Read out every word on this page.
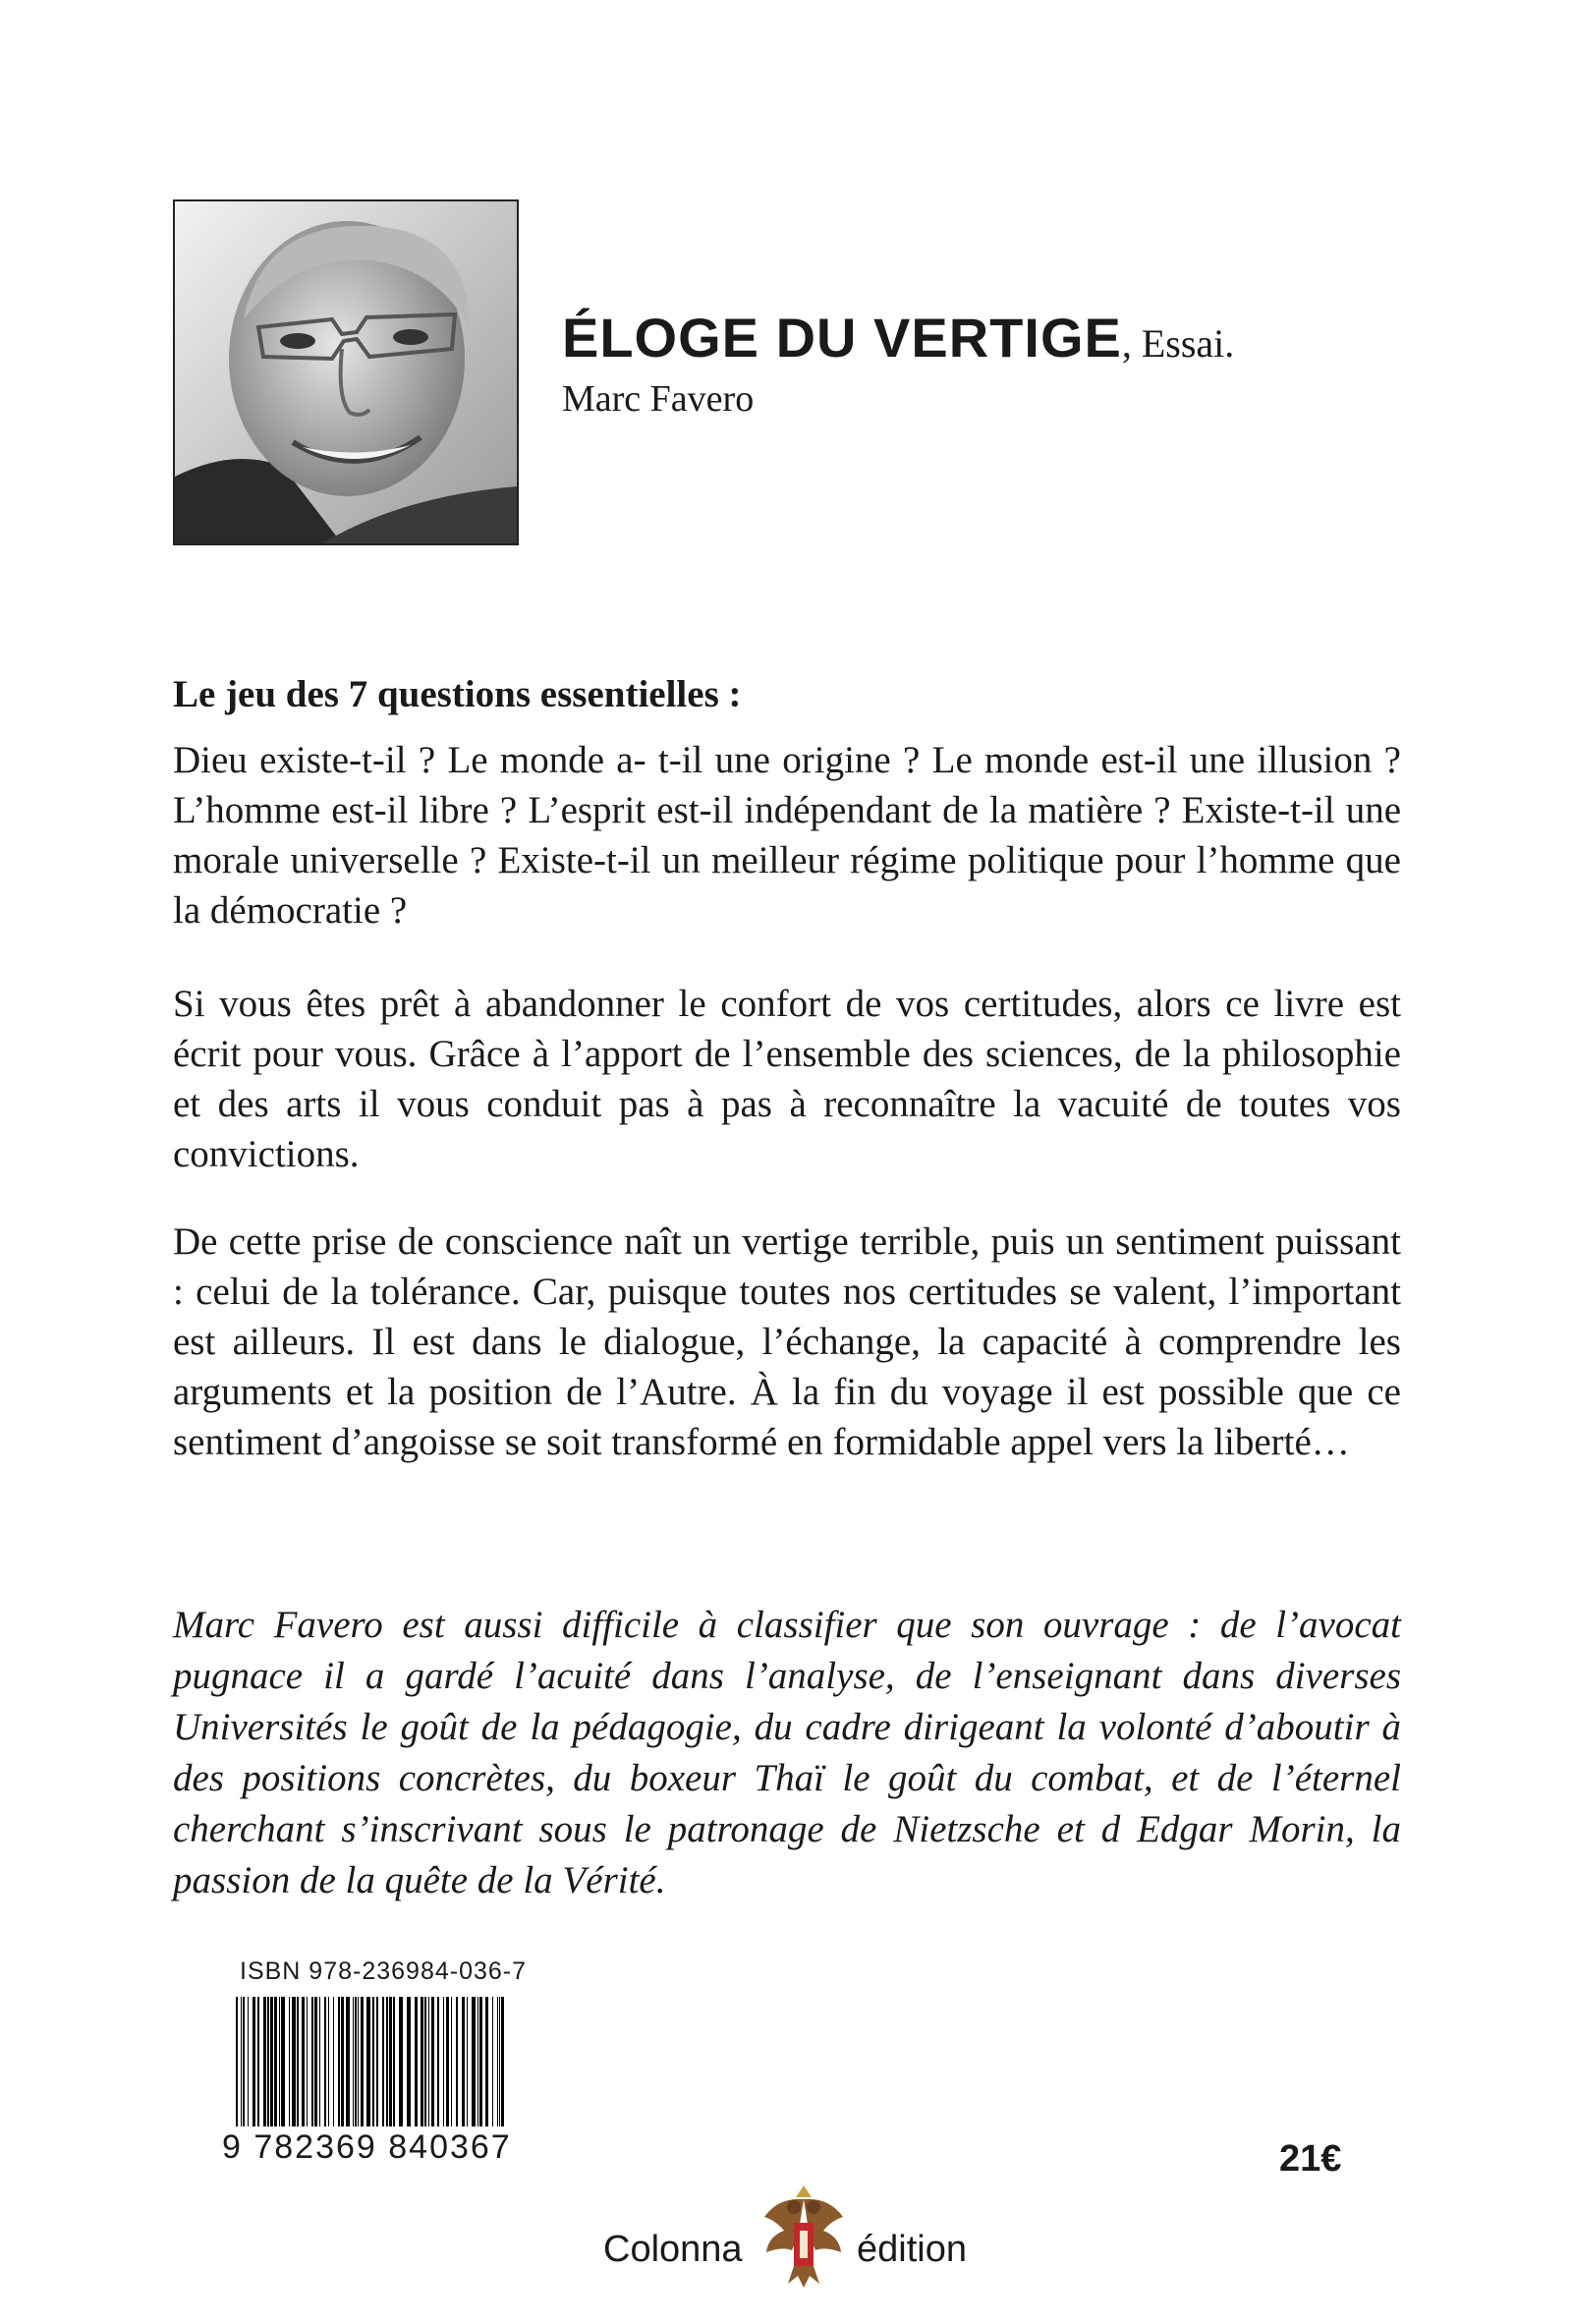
ÉLOGE DU VERTIGE, Essai.
Marc Favero
Le jeu des 7 questions essentielles :
Dieu existe-t-il ? Le monde a- t-il une origine ? Le monde est-il une illusion ? L’homme est-il libre ? L’esprit est-il indépendant de la matière ? Existe-t-il une morale universelle ? Existe-t-il un meilleur régime politique pour l’homme que la démocratie ?
Si vous êtes prêt à abandonner le confort de vos certitudes, alors ce livre est écrit pour vous. Grâce à l’apport de l’ensemble des sciences, de la philosophie et des arts il vous conduit pas à pas à reconnaître la vacuité de toutes vos convictions.
De cette prise de conscience naît un vertige terrible, puis un sentiment puissant : celui de la tolérance. Car, puisque toutes nos certitudes se valent, l’important est ailleurs. Il est dans le dialogue, l’échange, la capacité à comprendre les arguments et la position de l’Autre. À la fin du voyage il est possible que ce sentiment d’angoisse se soit transformé en formidable appel vers la liberté…
Marc Favero est aussi difficile à classifier que son ouvrage : de l’avocat pugnace il a gardé l’acuité dans l’analyse, de l’enseignant dans diverses Universités le goût de la pédagogie, du cadre dirigeant la volonté d’aboutir à des positions concrètes, du boxeur Thaï le goût du combat, et de l’éternel cherchant s’inscrivant sous le patronage de Nietzsche et d Edgar Morin, la passion de la quête de la Vérité.
ISBN 978-236984-036-7
9 782369 840367	21€
Colonna	édition
